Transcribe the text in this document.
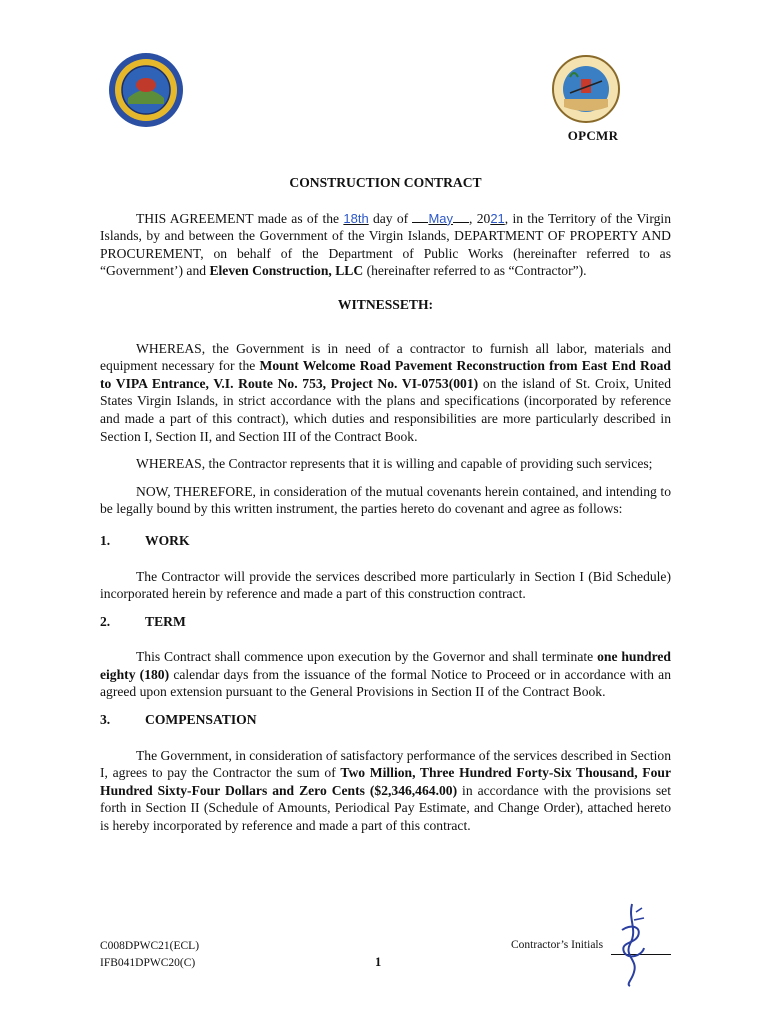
OPCMR

CONSTRUCTION CONTRACT

THIS AGREEMENT made as of the 18th day of May , 2021, in the Territory of the Virgin Islands, by and between the Government of the Virgin Islands, DEPARTMENT OF PROPERTY AND PROCUREMENT, on behalf of the Department of Public Works (hereinafter referred to as “Government’) and Eleven Construction, LLC (hereinafter referred to as “Contractor”).

WITNESSETH:

WHEREAS, the Government is in need of a contractor to furnish all labor, materials and equipment necessary for the Mount Welcome Road Pavement Reconstruction from East End Road to VIPA Entrance, V.I. Route No. 753, Project No. VI-0753(001) on the island of St. Croix, United States Virgin Islands, in strict accordance with the plans and specifications (incorporated by reference and made a part of this contract), which duties and responsibilities are more particularly described in Section I, Section II, and Section III of the Contract Book.

WHEREAS, the Contractor represents that it is willing and capable of providing such services;

NOW, THEREFORE, in consideration of the mutual covenants herein contained, and intending to be legally bound by this written instrument, the parties hereto do covenant and agree as follows:

1.	WORK

The Contractor will provide the services described more particularly in Section I (Bid Schedule) incorporated herein by reference and made a part of this construction contract.

2.	TERM

This Contract shall commence upon execution by the Governor and shall terminate one hundred eighty (180) calendar days from the issuance of the formal Notice to Proceed or in accordance with an agreed upon extension pursuant to the General Provisions in Section II of the Contract Book.

3.	COMPENSATION

The Government, in consideration of satisfactory performance of the services described in Section I, agrees to pay the Contractor the sum of Two Million, Three Hundred Forty-Six Thousand, Four Hundred Sixty-Four Dollars and Zero Cents ($2,346,464.00) in accordance with the provisions set forth in Section II (Schedule of Amounts, Periodical Pay Estimate, and Change Order), attached hereto is hereby incorporated by reference and made a part of this contract.

C008DPWC21(ECL)
IFB041DPWC20(C)	1
Contractor’s Initials
